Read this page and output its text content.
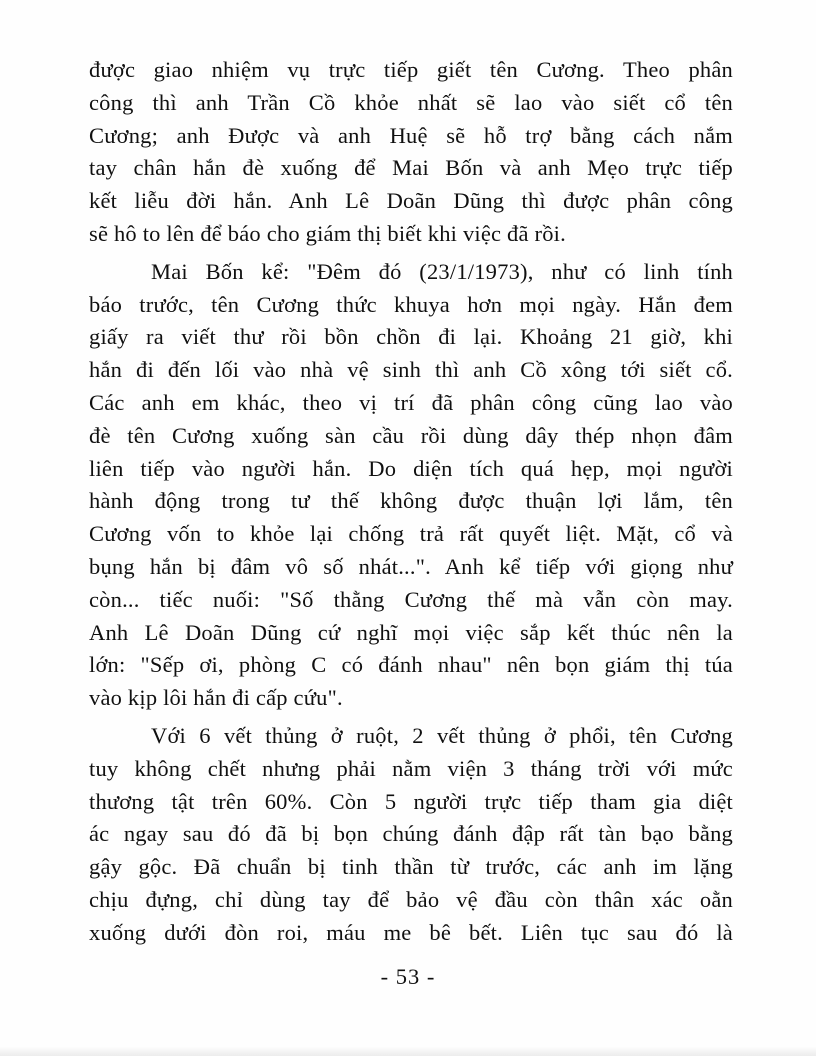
được giao nhiệm vụ trực tiếp giết tên Cương. Theo phân
công thì anh Trần Cồ khỏe nhất sẽ lao vào siết cổ tên
Cương; anh Được và anh Huệ sẽ hỗ trợ bằng cách nắm
tay chân hắn đè xuống để Mai Bốn và anh Mẹo trực tiếp
kết liễu đời hắn. Anh Lê Doãn Dũng thì được phân công
sẽ hô to lên để báo cho giám thị biết khi việc đã rồi.
Mai Bốn kể: "Đêm đó (23/1/1973), như có linh tính
báo trước, tên Cương thức khuya hơn mọi ngày. Hắn đem
giấy ra viết thư rồi bồn chồn đi lại. Khoảng 21 giờ, khi
hắn đi đến lối vào nhà vệ sinh thì anh Cồ xông tới siết cổ.
Các anh em khác, theo vị trí đã phân công cũng lao vào
đè tên Cương xuống sàn cầu rồi dùng dây thép nhọn đâm
liên tiếp vào người hắn. Do diện tích quá hẹp, mọi người
hành động trong tư thế không được thuận lợi lắm, tên
Cương vốn to khỏe lại chống trả rất quyết liệt. Mặt, cổ và
bụng hắn bị đâm vô số nhát...". Anh kể tiếp với giọng như
còn... tiếc nuối: "Số thằng Cương thế mà vẫn còn may.
Anh Lê Doãn Dũng cứ nghĩ mọi việc sắp kết thúc nên la
lớn: "Sếp ơi, phòng C có đánh nhau" nên bọn giám thị túa
vào kịp lôi hắn đi cấp cứu".
Với 6 vết thủng ở ruột, 2 vết thủng ở phổi, tên Cương
tuy không chết nhưng phải nằm viện 3 tháng trời với mức
thương tật trên 60%. Còn 5 người trực tiếp tham gia diệt
ác ngay sau đó đã bị bọn chúng đánh đập rất tàn bạo bằng
gậy gộc. Đã chuẩn bị tinh thần từ trước, các anh im lặng
chịu đựng, chỉ dùng tay để bảo vệ đầu còn thân xác oằn
xuống dưới đòn roi, máu me bê bết. Liên tục sau đó là
- 53 -
